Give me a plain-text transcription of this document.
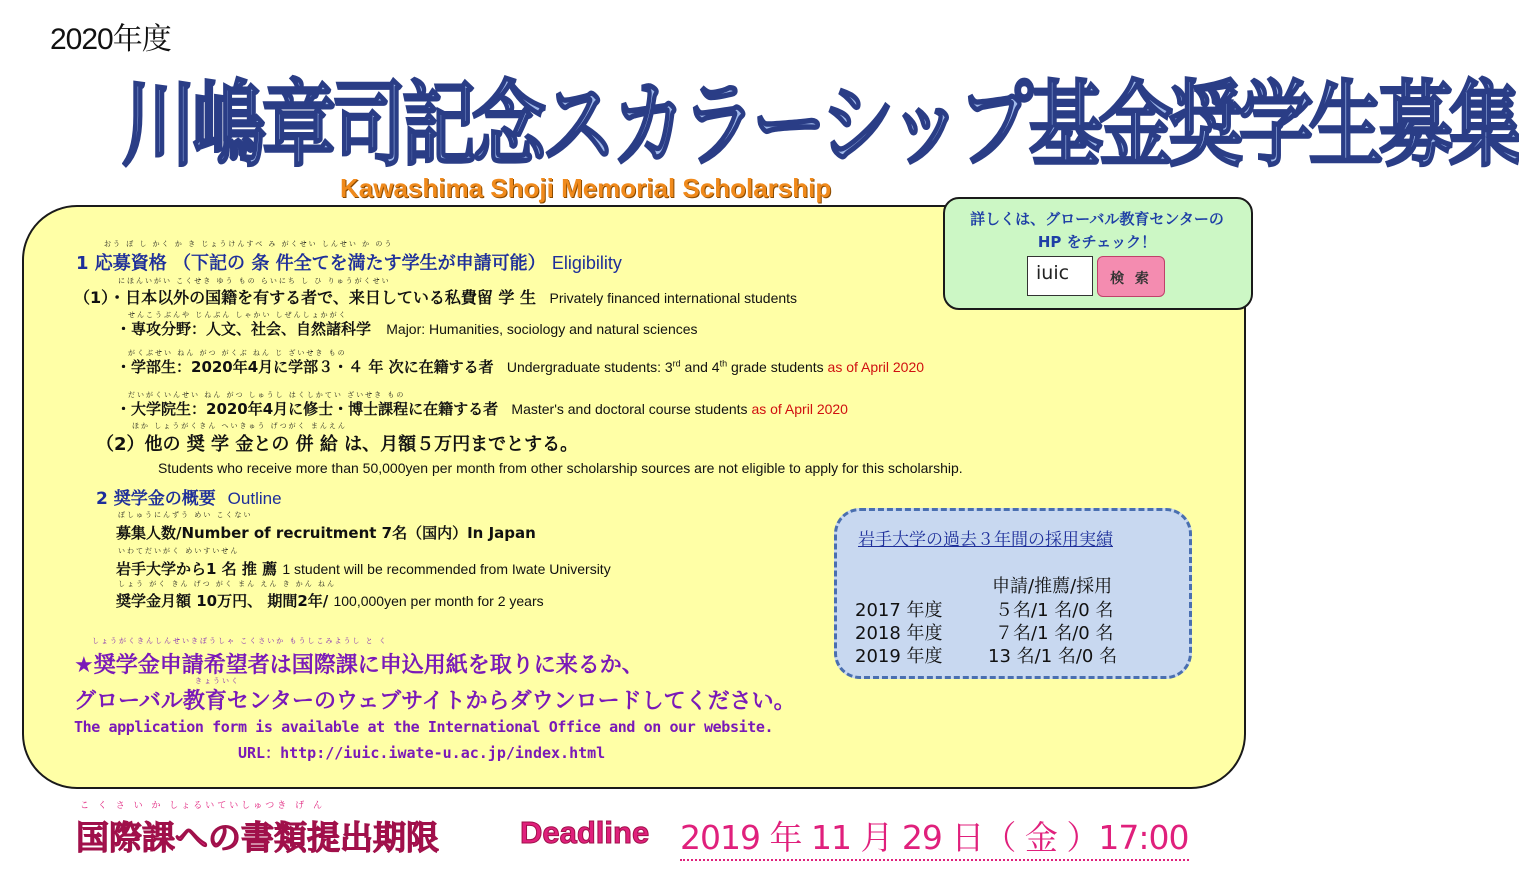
2020年度
川嶋章司記念スカラーシップ基金奨学生募集
Kawashima Shoji Memorial Scholarship
おう ぼ し かく か き じょうけんすべ み がくせい しんせい か のう
1 応募資格 （下記の 条 件全てを満たす学生が申請可能） Eligibility
にほんいがい こくせき ゆう もの らいにち し ひ りゅうがくせい
（1）・日本以外の国籍を有する者で、来日している私費留 学 生 Privately financed international students
せんこうぶんや じんぶん しゃかい しぜんしょかがく
・専攻分野：人文、社会、自然諸科学 Major: Humanities, sociology and natural sciences
がくぶせい ねん がつ がくぶ ねん じ ざいせき もの
・学部生：2020年4月に学部３・４ 年 次に在籍する者 Undergraduate students: 3rd and 4th grade students as of April 2020
だいがくいんせい ねん がつ しゅうし はくしかてい ざいせき もの
・大学院生：2020年4月に修士・博士課程に在籍する者 Master's and doctoral course students as of April 2020
ほか しょうがくきん へいきゅう げつがく まんえん
（2）他の 奨 学 金との 併 給 は、月額５万円までとする。
Students who receive more than 50,000yen per month from other scholarship sources are not eligible to apply for this scholarship.
2 奨学金の概要 Outline
ぼしゅうにんずう めい こくない
募集人数/Number of recruitment 7名（国内）In Japan
いわてだいがく めいすいせん
岩手大学から1 名 推 薦 1 student will be recommended from Iwate University
しょう がく きん げつ がく まん えん き かん ねん
奨学金月額 10万円、 期間2年/ 100,000yen per month for 2 years
岩手大学の過去３年間の採用実績
申請/推薦/採用
2017 年度	５名/1 名/0 名
2018 年度	７名/1 名/0 名
2019 年度	13 名/1 名/0 名
しょうがくきんしんせいきぼうしゃ こくさいか もうしこみようし と く
★奨学金申請希望者は国際課に申込用紙を取りに来るか、
きょういく
グローバル教育センターのウェブサイトからダウンロードしてください。
The application form is available at the International Office and on our website.
URL：http://iuic.iwate-u.ac.jp/index.html
詳しくは、グローバル教育センターの
HP をチェック！
iuic	検 索
こ く さ い か しょるいていしゅつき げ ん
国際課への書類提出期限	Deadline 2019 年 11 月 29 日（ 金 ）17:00
